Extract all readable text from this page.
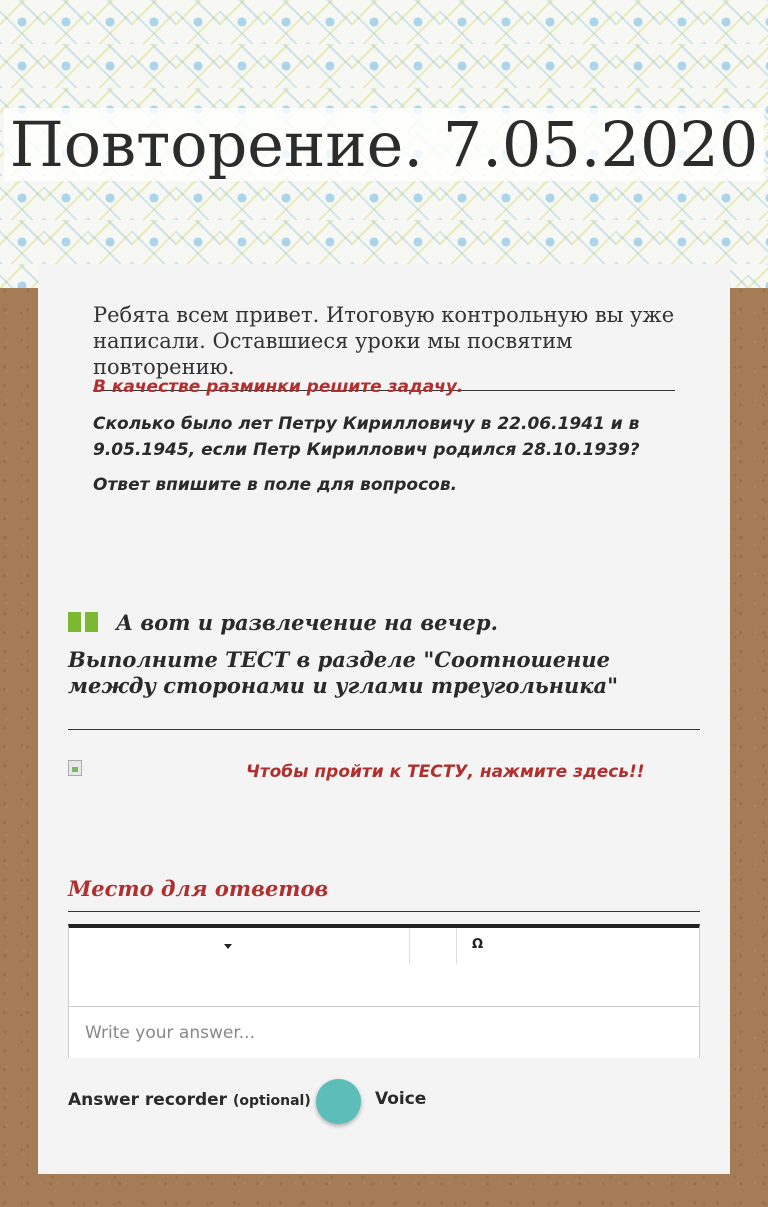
Повторение. 7.05.2020
Ребята всем привет. Итоговую контрольную вы уже написали. Оставшиеся уроки мы посвятим повторению.
В качестве разминки решите задачу.
Сколько было лет Петру Кирилловичу в 22.06.1941 и в 9.05.1945, если Петр Кириллович родился 28.10.1939?
Ответ впишите в поле для вопросов.
А вот и развлечение на вечер.
Выполните ТЕСТ в разделе "Соотношение между сторонами и углами треугольника"
Чтобы пройти к ТЕСТУ, нажмите здесь!!
Место для ответов
Ω
Write your answer...
Answer recorder (optional)	Voice
